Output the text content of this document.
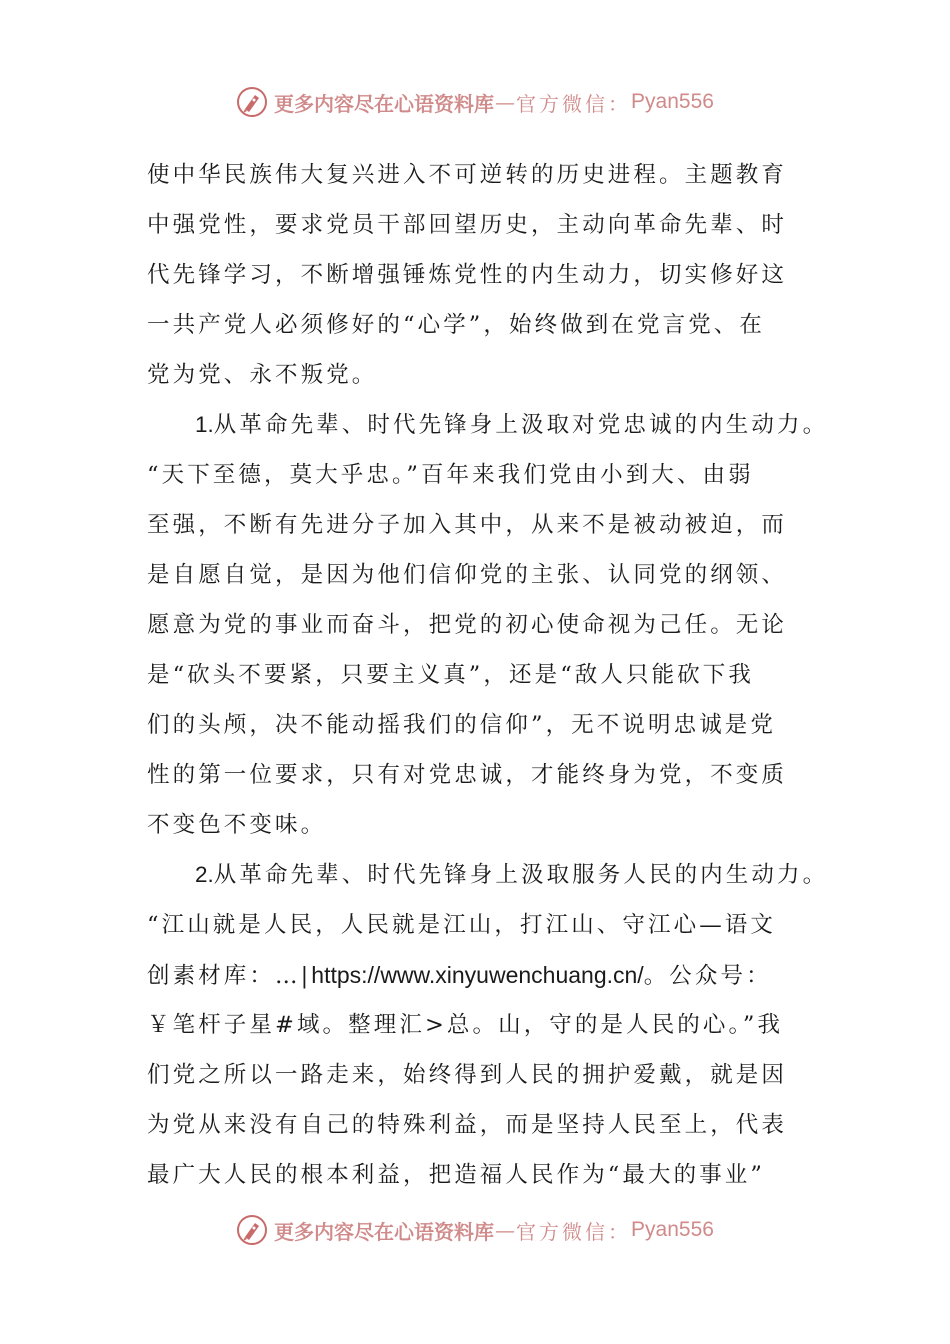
更多内容尽在心语资料库 — 官方微信： Pyan556
使中华民族伟大复兴进入不可逆转的历史进程。主题教育
中强党性，要求党员干部回望历史，主动向革命先辈、时
代先锋学习，不断增强锤炼党性的内生动力，切实修好这
一共产党人必须修好的“心学”，始终做到在党言党、在
党为党、永不叛党。
1.从革命先辈、时代先锋身上汲取对党忠诚的内生动力。
“天下至德，莫大乎忠。”百年来我们党由小到大、由弱
至强，不断有先进分子加入其中，从来不是被动被迫，而
是自愿自觉，是因为他们信仰党的主张、认同党的纲领、
愿意为党的事业而奋斗，把党的初心使命视为己任。无论
是“砍头不要紧，只要主义真”，还是“敌人只能砍下我
们的头颅，决不能动摇我们的信仰”，无不说明忠诚是党
性的第一位要求，只有对党忠诚，才能终身为党，不变质
不变色不变味。
2.从革命先辈、时代先锋身上汲取服务人民的内生动力。
“江山就是人民，人民就是江山，打江山、守江心—语文
创素材库：…|https://www.xinyuwenchuang.cn/。公众号：
￥笔杆子星#域。整理汇>总。山，守的是人民的心。”我
们党之所以一路走来，始终得到人民的拥护爱戴，就是因
为党从来没有自己的特殊利益，而是坚持人民至上，代表
最广大人民的根本利益，把造福人民作为“最大的事业”
更多内容尽在心语资料库 — 官方微信： Pyan556
